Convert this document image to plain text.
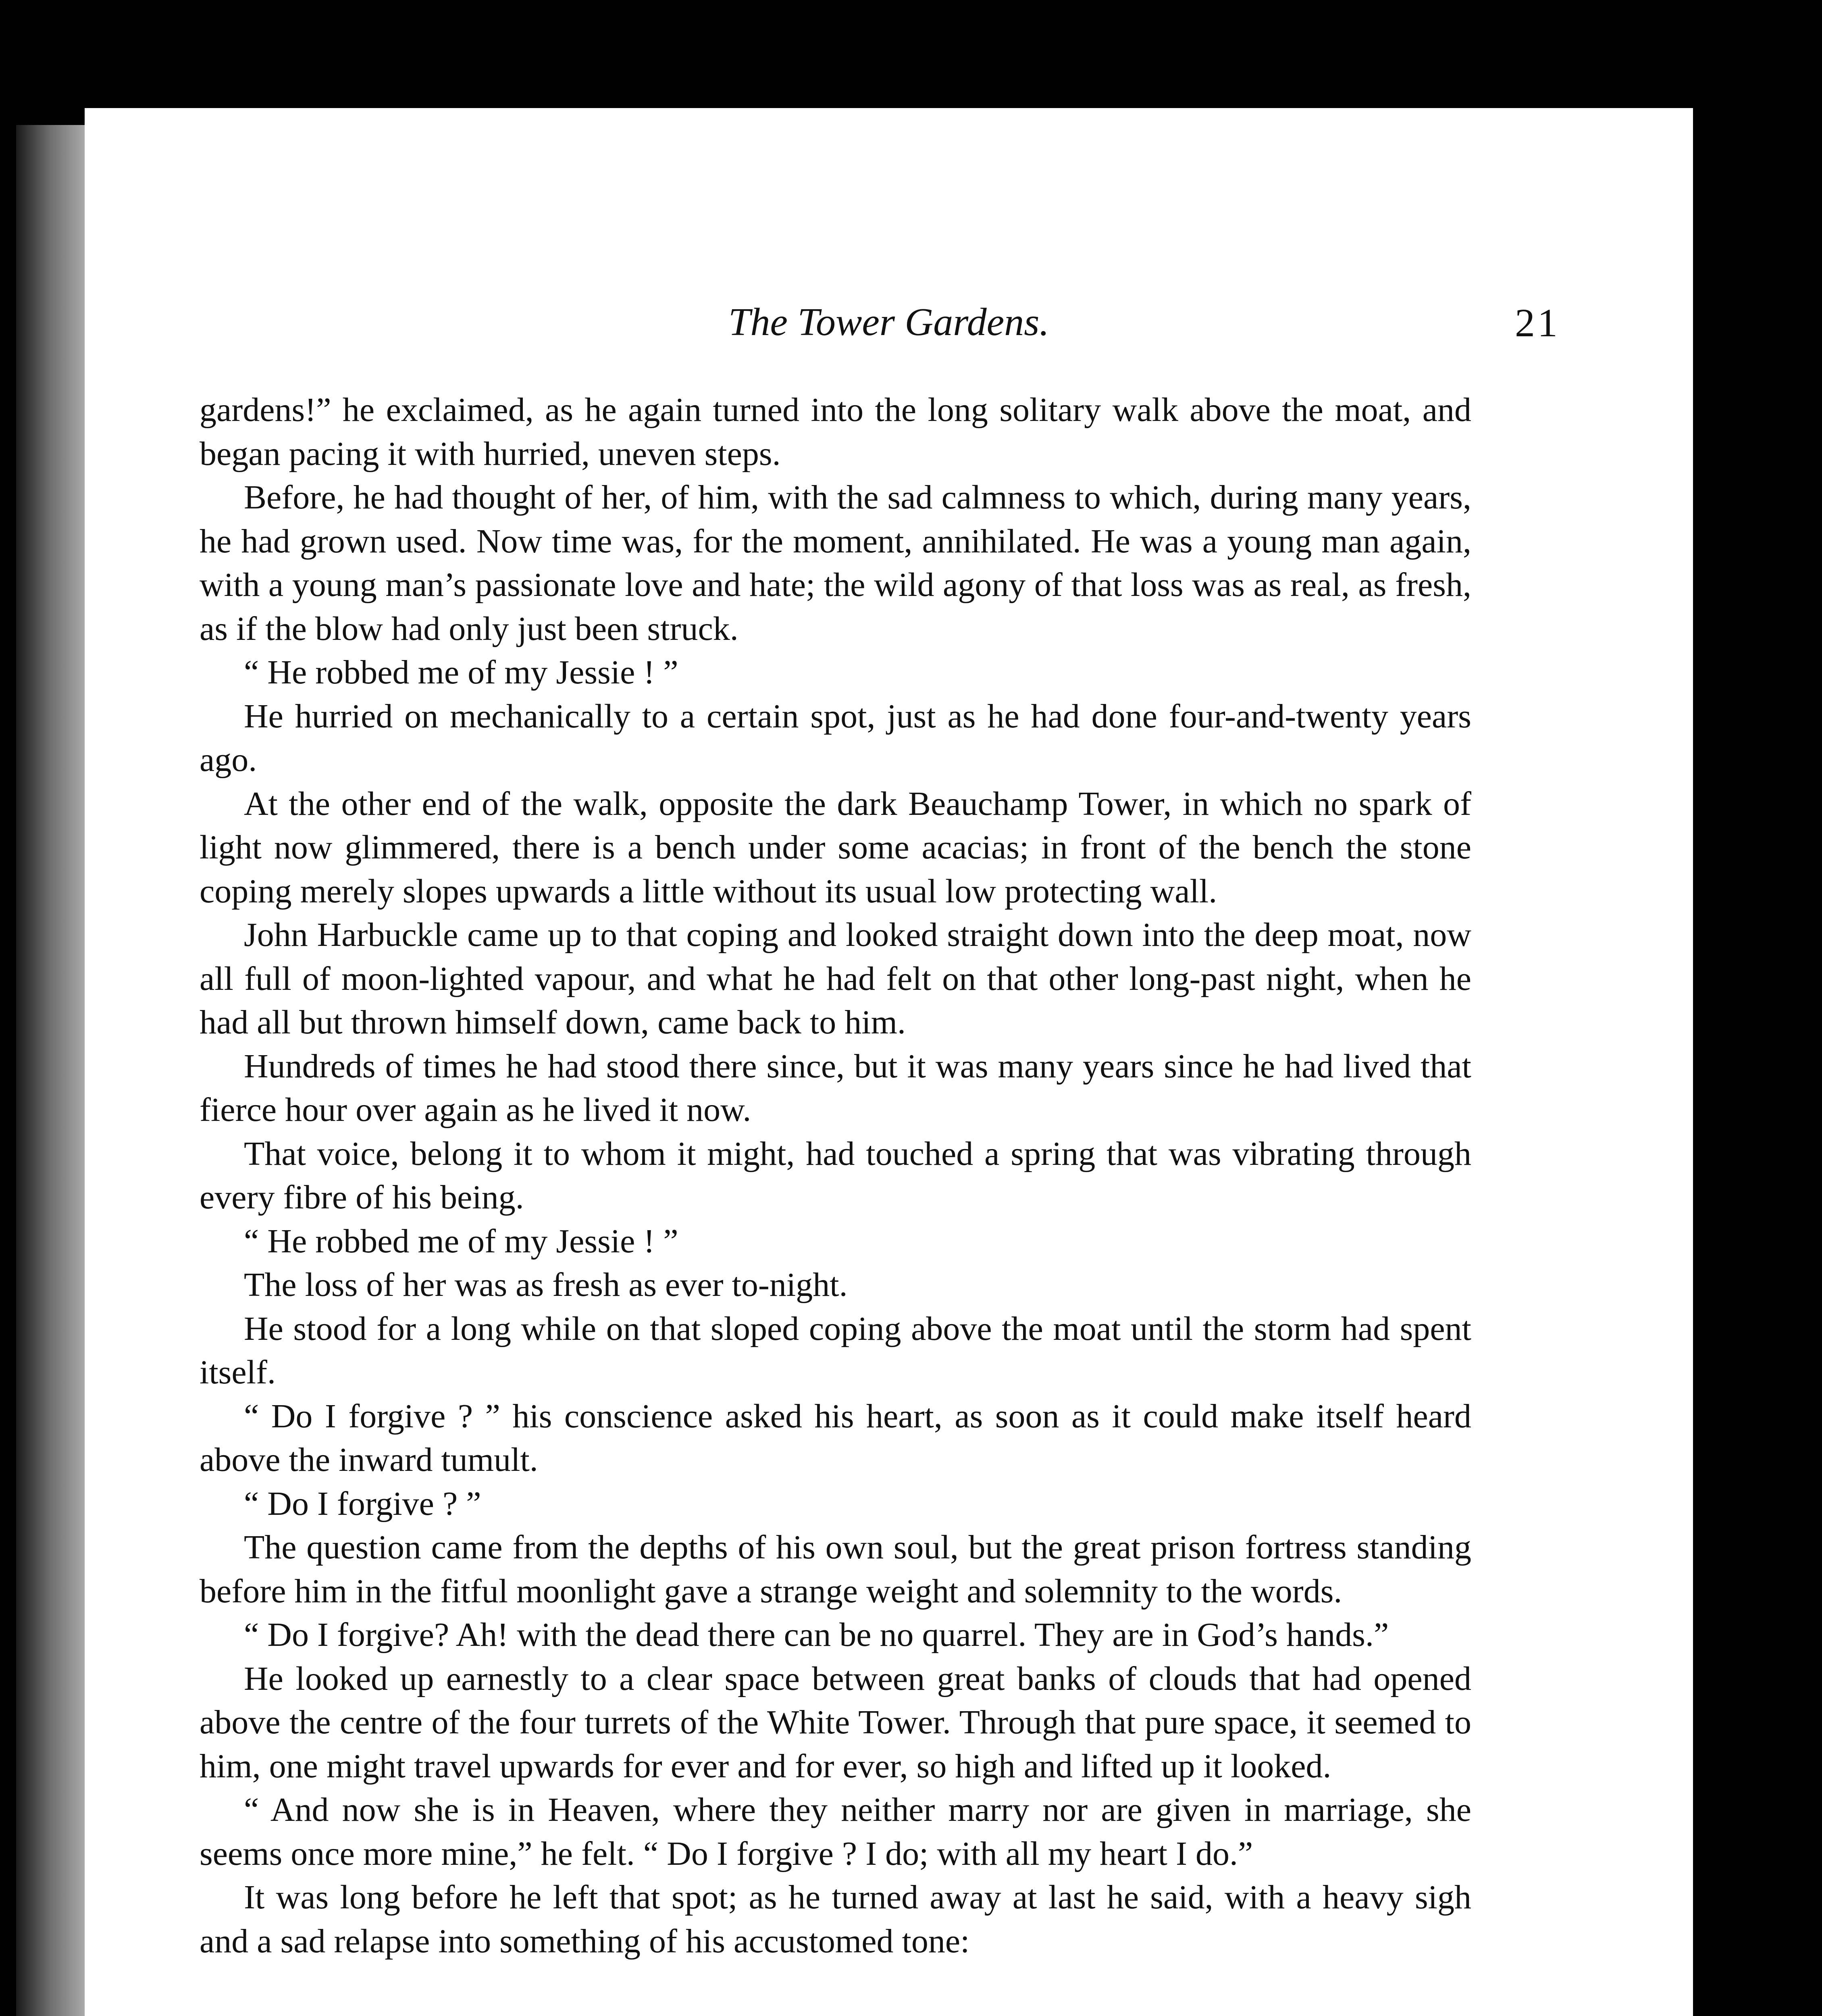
The Tower Gardens.	21

gardens!” he exclaimed, as he again turned into the long solitary walk above the moat, and began pacing it with hurried, uneven steps.

Before, he had thought of her, of him, with the sad calmness to which, during many years, he had grown used. Now time was, for the moment, annihilated. He was a young man again, with a young man’s passionate love and hate; the wild agony of that loss was as real, as fresh, as if the blow had only just been struck.

“ He robbed me of my Jessie ! ”

He hurried on mechanically to a certain spot, just as he had done four-and-twenty years ago.

At the other end of the walk, opposite the dark Beauchamp Tower, in which no spark of light now glimmered, there is a bench under some acacias; in front of the bench the stone coping merely slopes upwards a little without its usual low protecting wall.

John Harbuckle came up to that coping and looked straight down into the deep moat, now all full of moon-lighted vapour, and what he had felt on that other long-past night, when he had all but thrown himself down, came back to him.

Hundreds of times he had stood there since, but it was many years since he had lived that fierce hour over again as he lived it now.

That voice, belong it to whom it might, had touched a spring that was vibrating through every fibre of his being.

“ He robbed me of my Jessie ! ”

The loss of her was as fresh as ever to-night.

He stood for a long while on that sloped coping above the moat until the storm had spent itself.

“ Do I forgive ? ” his conscience asked his heart, as soon as it could make itself heard above the inward tumult.

“ Do I forgive ? ”

The question came from the depths of his own soul, but the great prison fortress standing before him in the fitful moonlight gave a strange weight and solemnity to the words.

“ Do I forgive? Ah! with the dead there can be no quarrel. They are in God’s hands.”

He looked up earnestly to a clear space between great banks of clouds that had opened above the centre of the four turrets of the White Tower. Through that pure space, it seemed to him, one might travel upwards for ever and for ever, so high and lifted up it looked.

“ And now she is in Heaven, where they neither marry nor are given in marriage, she seems once more mine,” he felt. “ Do I forgive ? I do; with all my heart I do.”

It was long before he left that spot; as he turned away at last he said, with a heavy sigh and a sad relapse into something of his accustomed tone:
